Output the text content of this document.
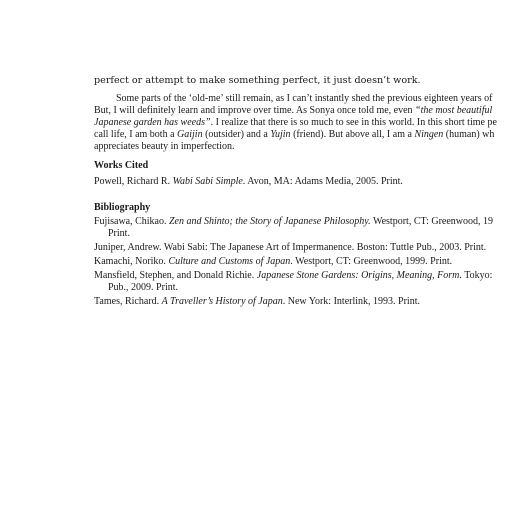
perfect or attempt to make something perfect, it just doesn’t work.
Some parts of the ‘old-me’ still remain, as I can’t instantly shed the previous eighteen years of
But, I will definitely learn and improve over time. As Sonya once told me, even “the most beautiful
Japanese garden has weeds”. I realize that there is so much to see in this world. In this short time pe
call life, I am both a Gaijin (outsider) and a Yujin (friend). But above all, I am a Ningen (human) wh
appreciates beauty in imperfection.
Works Cited
Powell, Richard R. Wabi Sabi Simple. Avon, MA: Adams Media, 2005. Print.
Bibliography
Fujisawa, Chikao. Zen and Shinto; the Story of Japanese Philosophy. Westport, CT: Greenwood, 19
Print.
Juniper, Andrew. Wabi Sabi: The Japanese Art of Impermanence. Boston: Tuttle Pub., 2003. Print.
Kamachi, Noriko. Culture and Customs of Japan. Westport, CT: Greenwood, 1999. Print.
Mansfield, Stephen, and Donald Richie. Japanese Stone Gardens: Origins, Meaning, Form. Tokyo:
Pub., 2009. Print.
Tames, Richard. A Traveller’s History of Japan. New York: Interlink, 1993. Print.
